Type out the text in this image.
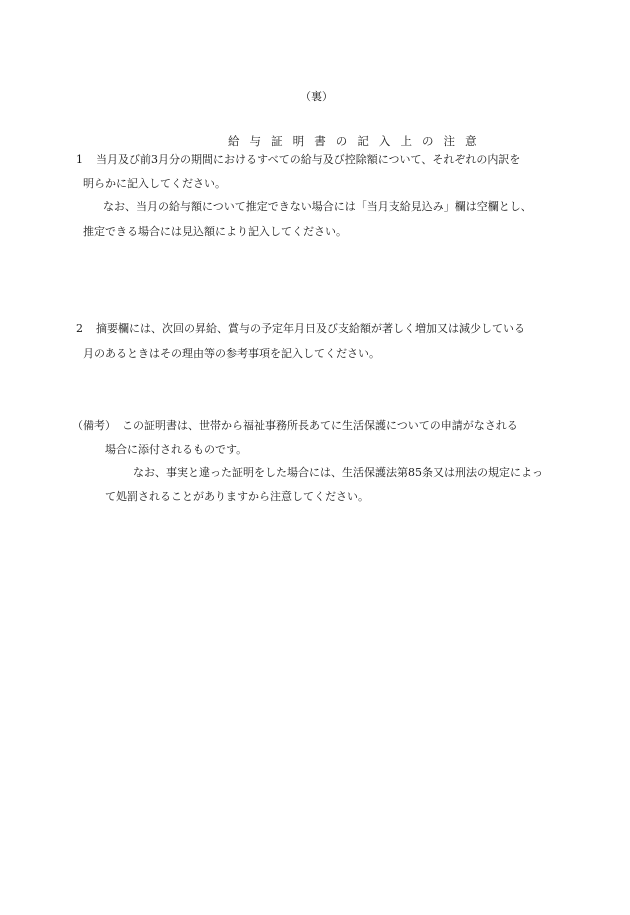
（裏）
給 与 証 明 書 の 記 入 上 の 注 意
1 当月及び前3月分の期間におけるすべての給与及び控除額について、それぞれの内訳を
明らかに記入してください。
なお、当月の給与額について推定できない場合には「当月支給見込み」欄は空欄とし、
推定できる場合には見込額により記入してください。
2 摘要欄には、次回の昇給、賞与の予定年月日及び支給額が著しく増加又は減少している
月のあるときはその理由等の参考事項を記入してください。
（備考） この証明書は、世帯から福祉事務所長あてに生活保護についての申請がなされる
場合に添付されるものです。
なお、事実と違った証明をした場合には、生活保護法第85条又は刑法の規定によっ
て処罰されることがありますから注意してください。
